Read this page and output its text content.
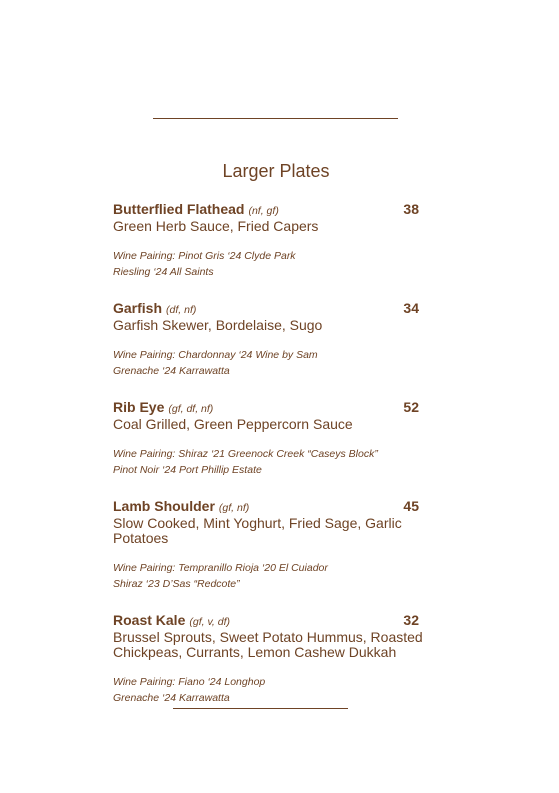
Larger Plates
Butterflied Flathead (nf, gf)	38
Green Herb Sauce, Fried Capers
Wine Pairing: Pinot Gris ‘24 Clyde Park
Riesling ‘24 All Saints
Garfish (df, nf)	34
Garfish Skewer, Bordelaise, Sugo
Wine Pairing: Chardonnay ‘24 Wine by Sam
Grenache ‘24 Karrawatta
Rib Eye (gf, df, nf)	52
Coal Grilled, Green Peppercorn Sauce
Wine Pairing: Shiraz ‘21 Greenock Creek “Caseys Block”
Pinot Noir ‘24 Port Phillip Estate
Lamb Shoulder (gf, nf)	45
Slow Cooked, Mint Yoghurt, Fried Sage, Garlic Potatoes
Wine Pairing: Tempranillo Rioja ‘20 El Cuiador
Shiraz ‘23 D’Sas “Redcote”
Roast Kale (gf, v, df)	32
Brussel Sprouts, Sweet Potato Hummus, Roasted Chickpeas, Currants, Lemon Cashew Dukkah
Wine Pairing: Fiano ‘24 Longhop
Grenache ‘24 Karrawatta
